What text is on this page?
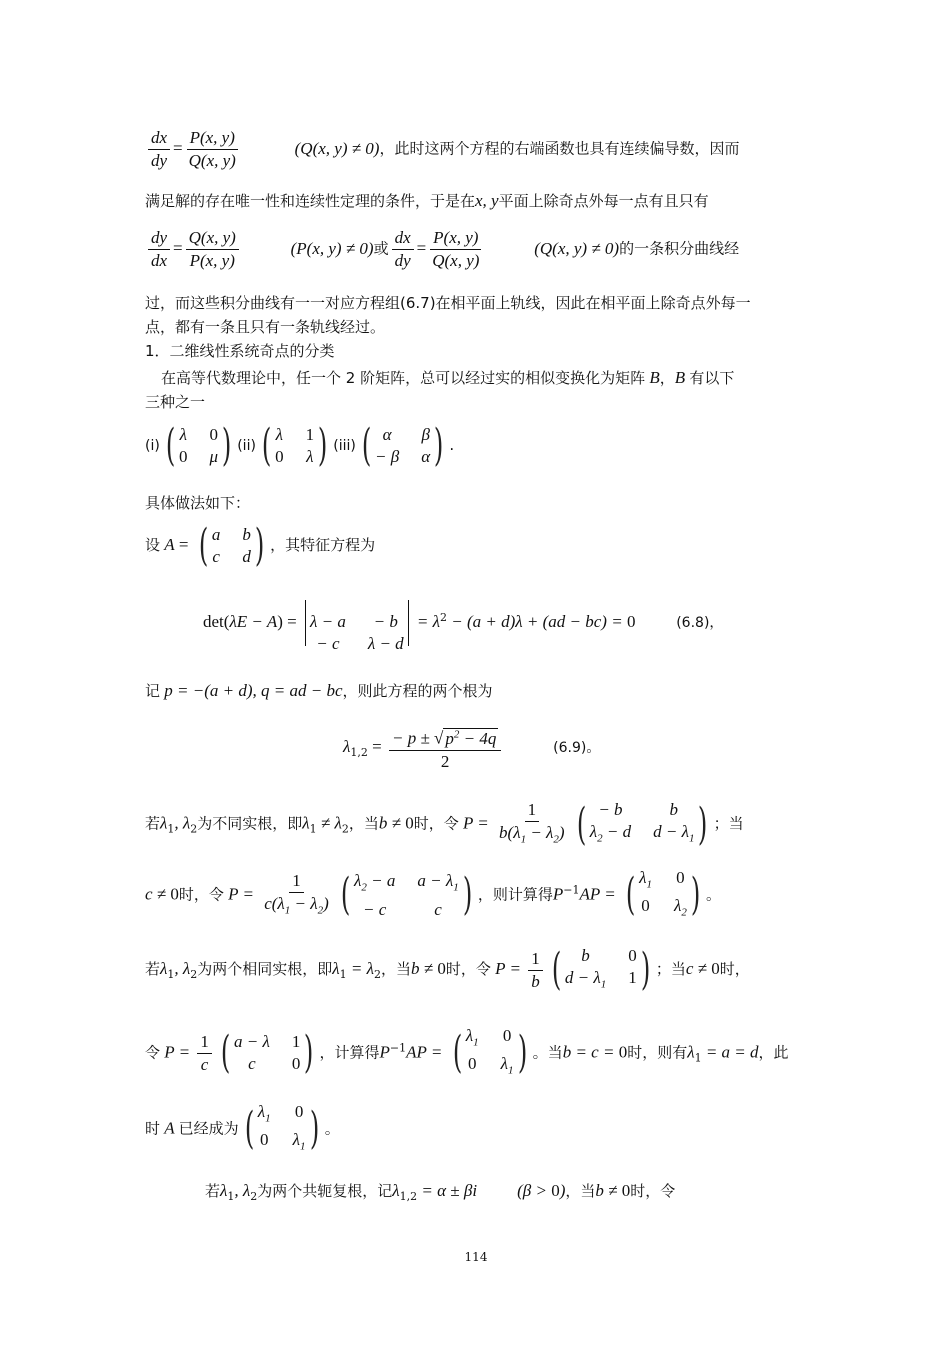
$\frac{dx}{dy} = \frac{P(x, y)}{Q(x, y)}$	(Q(x, y) ≠ 0)，此时这两个方程的右端函数也具有连续偏导数，因而
满足解的存在唯一性和连续性定理的条件，于是在x, y平面上除奇点外每一点有且只有
$\frac{dy}{dx} = \frac{Q(x, y)}{P(x, y)}$	(P(x, y) ≠ 0)或 $\frac{dx}{dy} = \frac{P(x, y)}{Q(x, y)}$	(Q(x, y) ≠ 0)的一条积分曲线经
过，而这些积分曲线有一一对应方程组(6.7)在相平面上轨线，因此在相平面上除奇点外每一
点，都有一条且只有一条轨线经过。
1．二维线性系统奇点的分类
在高等代数理论中，任一个 2 阶矩阵，总可以经过实的相似变换化为矩阵 B，B 有以下
三种之一
(i) ( λ 0
0 μ ) (ii) ( λ 1
0 λ ) (iii) ( α	β
− β α ) .
具体做法如下：
设 A = ( a b
c d ) ，其特征方程为
det(λE − A) = λ − a	− b
− c	λ − d
= $\lambda^2 - (a + d)\lambda + (ad - bc) = 0$	(6.8)，
记 p = −(a + d), q = ad − bc，则此方程的两个根为
$\lambda_{1,2} = \frac{- p \pm √ p^2 - 4q}{2}$	(6.9)。
若$\lambda_1$, $\lambda_2$为不同实根，即$\lambda_1 \ne \lambda_2$，当b ≠ 0时，令 $P = \frac{1}{b(\lambda_1 - \lambda_2)}$ ( − b	b
$\lambda_2 - d$ $d - \lambda_1$ ) ；当
c ≠ 0时，令 $P = \frac{1}{c(\lambda_1 - \lambda_2)}$ ( $\lambda_2 - a$ $a - \lambda_1$
− c	c ) ，则计算得$P^{-1}AP$ = ( $\lambda_1$ 0
0 $\lambda_2$ ) 。
若$\lambda_1$, $\lambda_2$为两个相同实根，即$\lambda_1 = \lambda_2$，当b ≠ 0时，令 $P = \frac{1}{b}$ (	b	0
$d - \lambda_1$ 1 ) ；当c ≠ 0时，
令 $P = \frac{1}{c}$ ( a − λ 1
c	0 ) ，计算得$P^{-1}AP$ = ( $\lambda_1$ 0
0 $\lambda_1$ ) 。当b = c = 0时，则有$\lambda_1 = a = d$，此
时 A 已经成为 ( $\lambda_1$ 0
0 $\lambda_1$ ) 。
若$\lambda_1$, $\lambda_2$为两个共轭复根，记$\lambda_{1,2} = \alpha \pm \beta i$ (β > 0)，当b ≠ 0时，令
114
